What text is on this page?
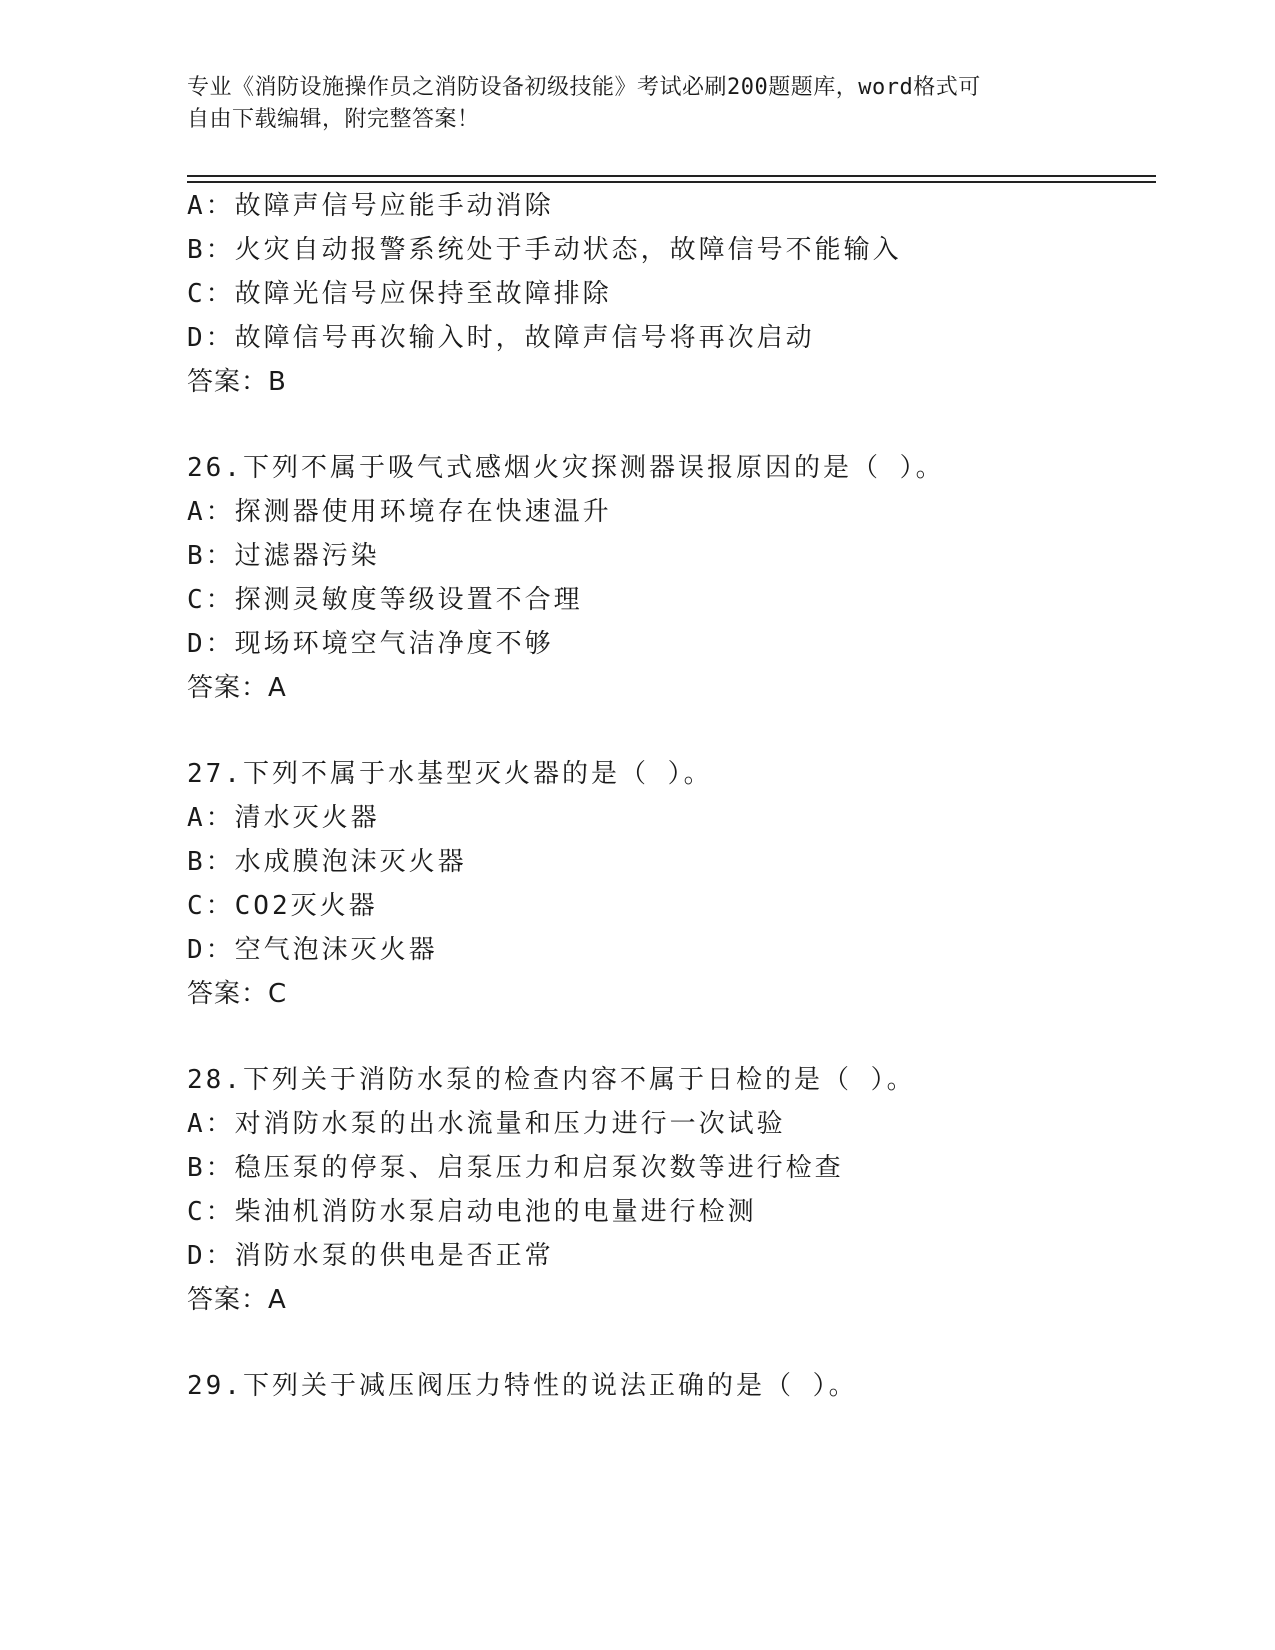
专业《消防设施操作员之消防设备初级技能》考试必刷200题题库，word格式可
自由下载编辑，附完整答案！
A：故障声信号应能手动消除
B：火灾自动报警系统处于手动状态，故障信号不能输入
C：故障光信号应保持至故障排除
D：故障信号再次输入时，故障声信号将再次启动
答案：B
26.下列不属于吸气式感烟火灾探测器误报原因的是（ ）。
A：探测器使用环境存在快速温升
B：过滤器污染
C：探测灵敏度等级设置不合理
D：现场环境空气洁净度不够
答案：A
27.下列不属于水基型灭火器的是（ ）。
A：清水灭火器
B：水成膜泡沫灭火器
C：CO2灭火器
D：空气泡沫灭火器
答案：C
28.下列关于消防水泵的检查内容不属于日检的是（ ）。
A：对消防水泵的出水流量和压力进行一次试验
B：稳压泵的停泵、启泵压力和启泵次数等进行检查
C：柴油机消防水泵启动电池的电量进行检测
D：消防水泵的供电是否正常
答案：A
29.下列关于减压阀压力特性的说法正确的是（ ）。
